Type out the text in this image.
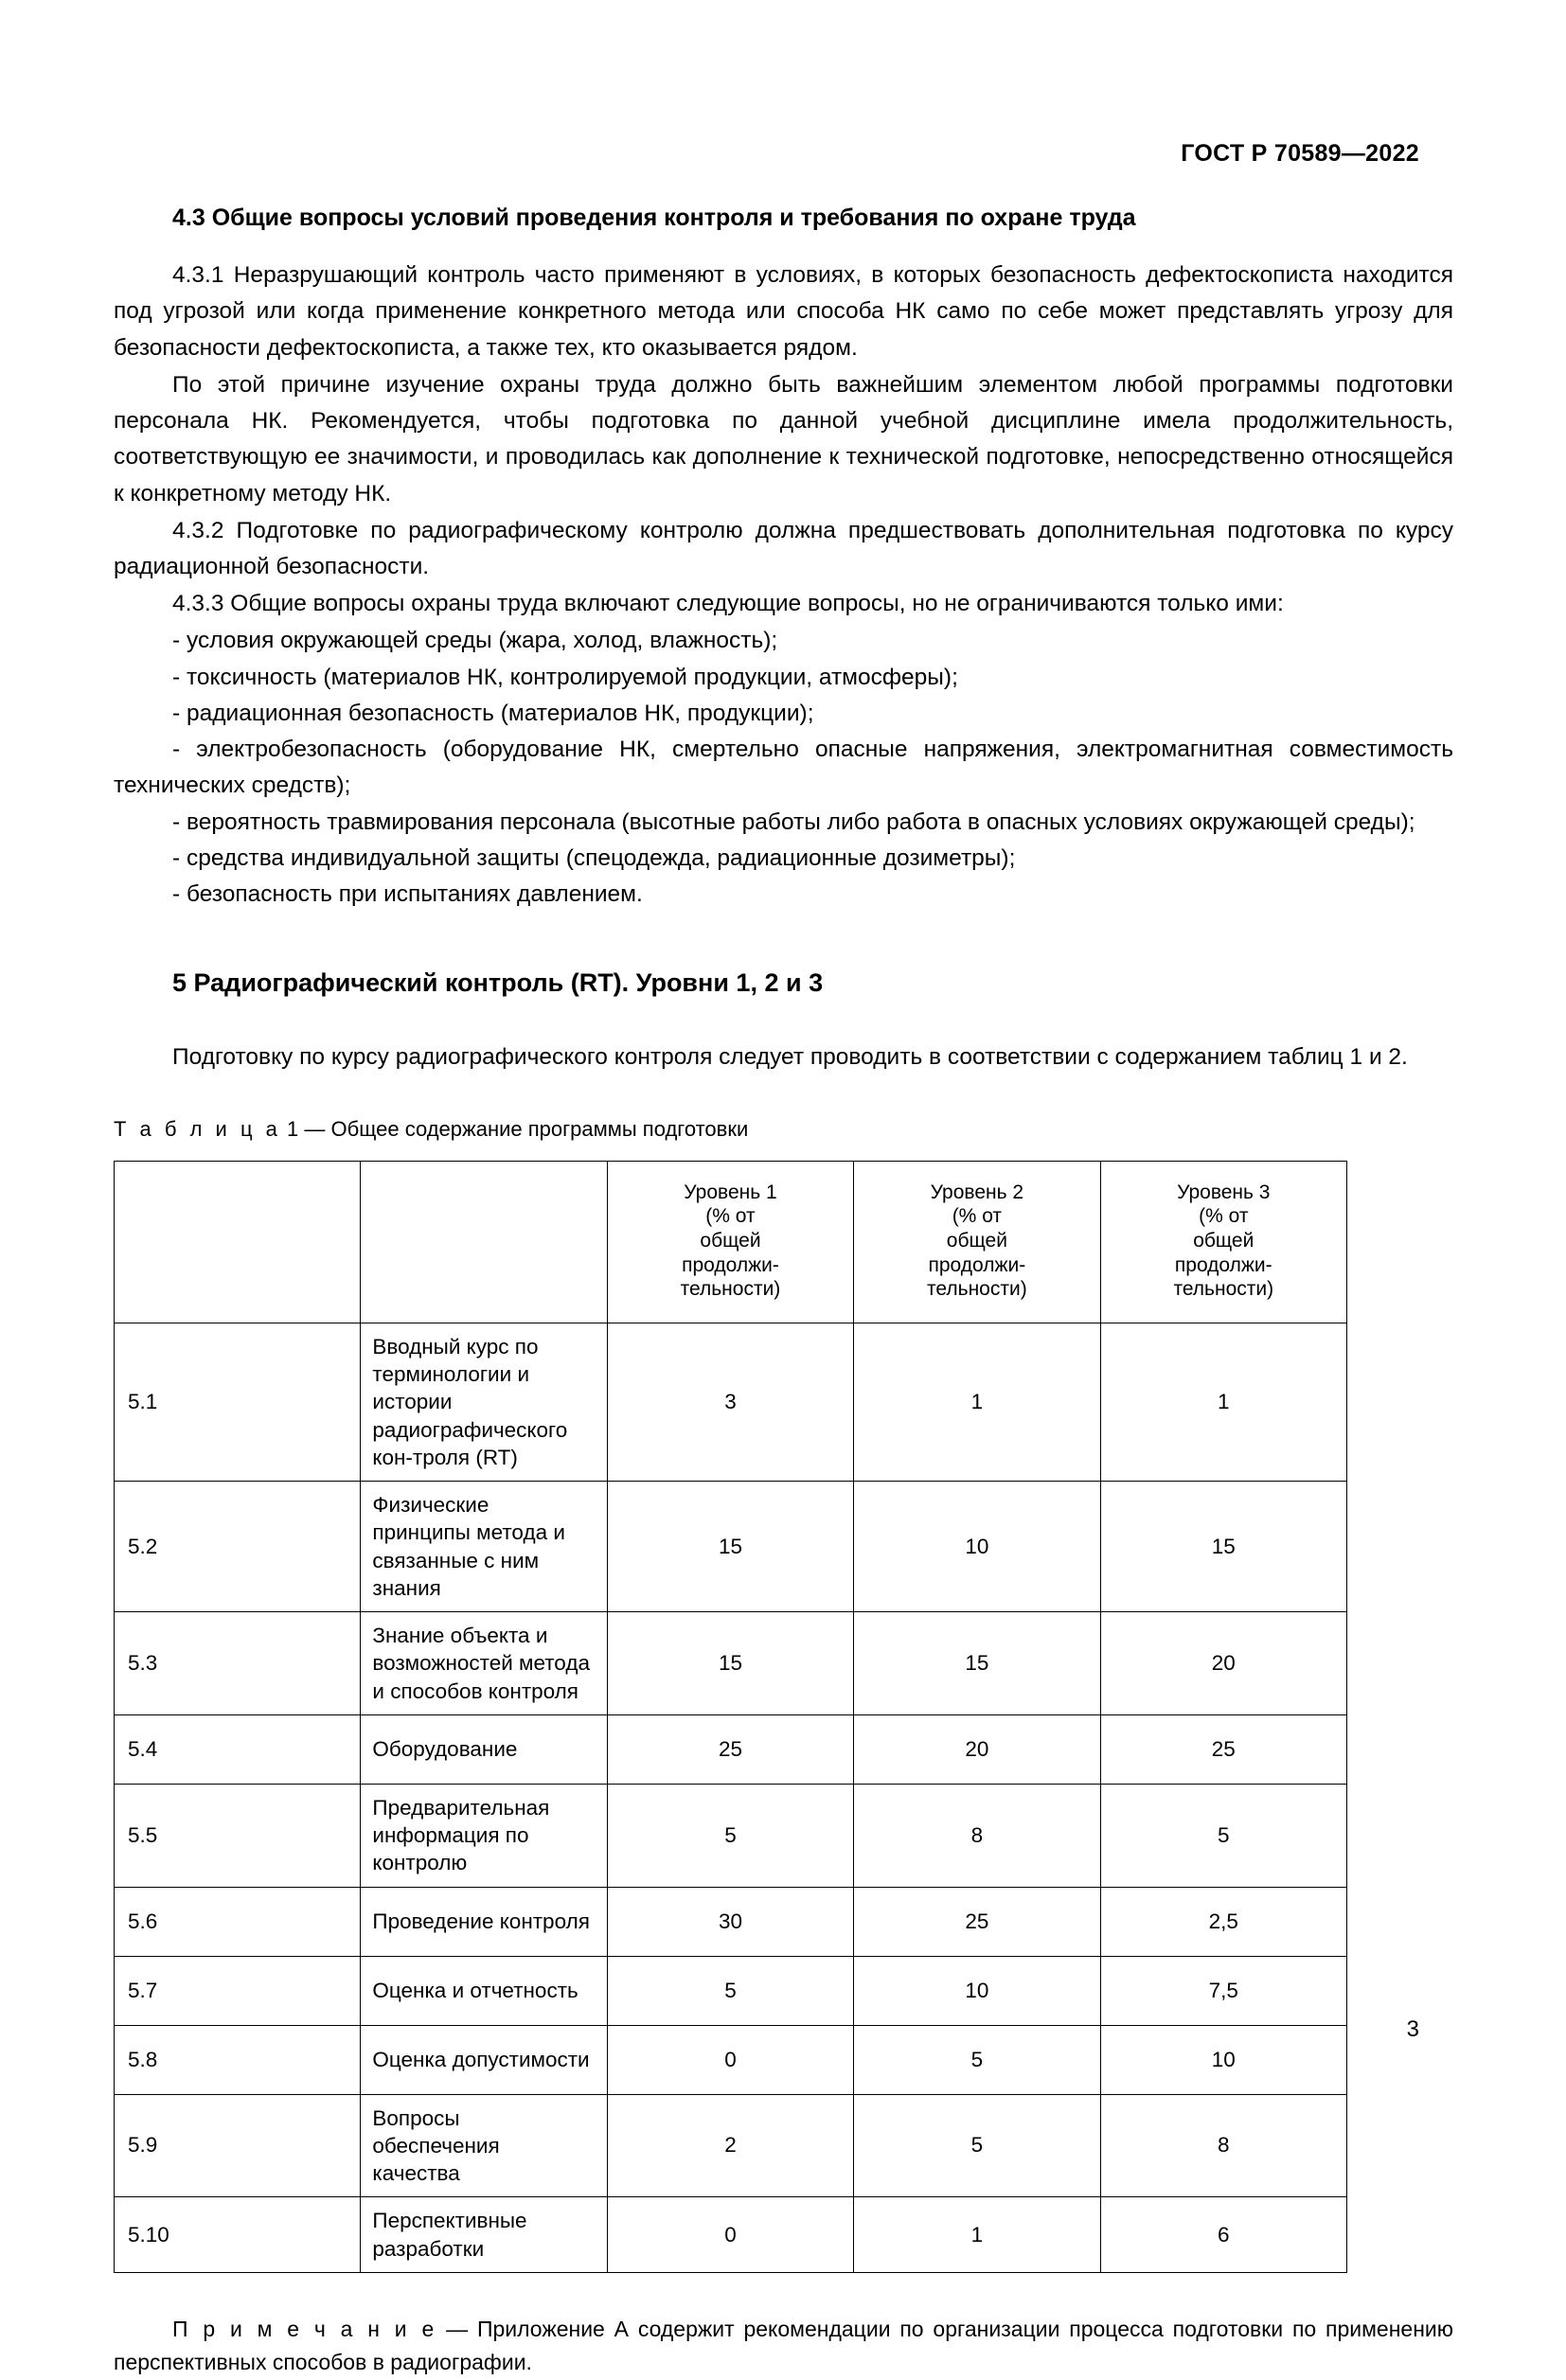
ГОСТ Р 70589—2022
4.3 Общие вопросы условий проведения контроля и требования по охране труда

4.3.1 Неразрушающий контроль часто применяют в условиях, в которых безопасность дефектоскописта находится под угрозой или когда применение конкретного метода или способа НК само по себе может представлять угрозу для безопасности дефектоскописта, а также тех, кто оказывается рядом.

По этой причине изучение охраны труда должно быть важнейшим элементом любой программы подготовки персонала НК. Рекомендуется, чтобы подготовка по данной учебной дисциплине имела продолжительность, соответствующую ее значимости, и проводилась как дополнение к технической подготовке, непосредственно относящейся к конкретному методу НК.

4.3.2 Подготовке по радиографическому контролю должна предшествовать дополнительная подготовка по курсу радиационной безопасности.

4.3.3 Общие вопросы охраны труда включают следующие вопросы, но не ограничиваются только ими:

- условия окружающей среды (жара, холод, влажность);

- токсичность (материалов НК, контролируемой продукции, атмосферы);

- радиационная безопасность (материалов НК, продукции);

- электробезопасность (оборудование НК, смертельно опасные напряжения, электромагнитная совместимость технических средств);

- вероятность травмирования персонала (высотные работы либо работа в опасных условиях окружающей среды);

- средства индивидуальной защиты (спецодежда, радиационные дозиметры);

- безопасность при испытаниях давлением.

5 Радиографический контроль (RT). Уровни 1, 2 и 3

Подготовку по курсу радиографического контроля следует проводить в соответствии с содержанием таблиц 1 и 2.

Т а б л и ц а 1 — Общее содержание программы подготовки
		Уровень 1
(% от
общей
продолжи-
тельности)	Уровень 2
(% от
общей
продолжи-
тельности)	Уровень 3
(% от
общей
продолжи-
тельности)
5.1	Вводный курс по терминологии и истории радиографического кон-троля (RT)	3	1	1
5.2	Физические принципы метода и связанные с ним знания	15	10	15
5.3	Знание объекта и возможностей метода и способов контроля	15	15	20
5.4	Оборудование	25	20	25
5.5	Предварительная информация по контролю	5	8	5
5.6	Проведение контроля	30	25	2,5
5.7	Оценка и отчетность	5	10	7,5
5.8	Оценка допустимости	0	5	10
5.9	Вопросы обеспечения качества	2	5	8
5.10	Перспективные разработки	0	1	6

П р и м е ч а н и е — Приложение А содержит рекомендации по организации процесса подготовки по применению перспективных способов в радиографии.

3
